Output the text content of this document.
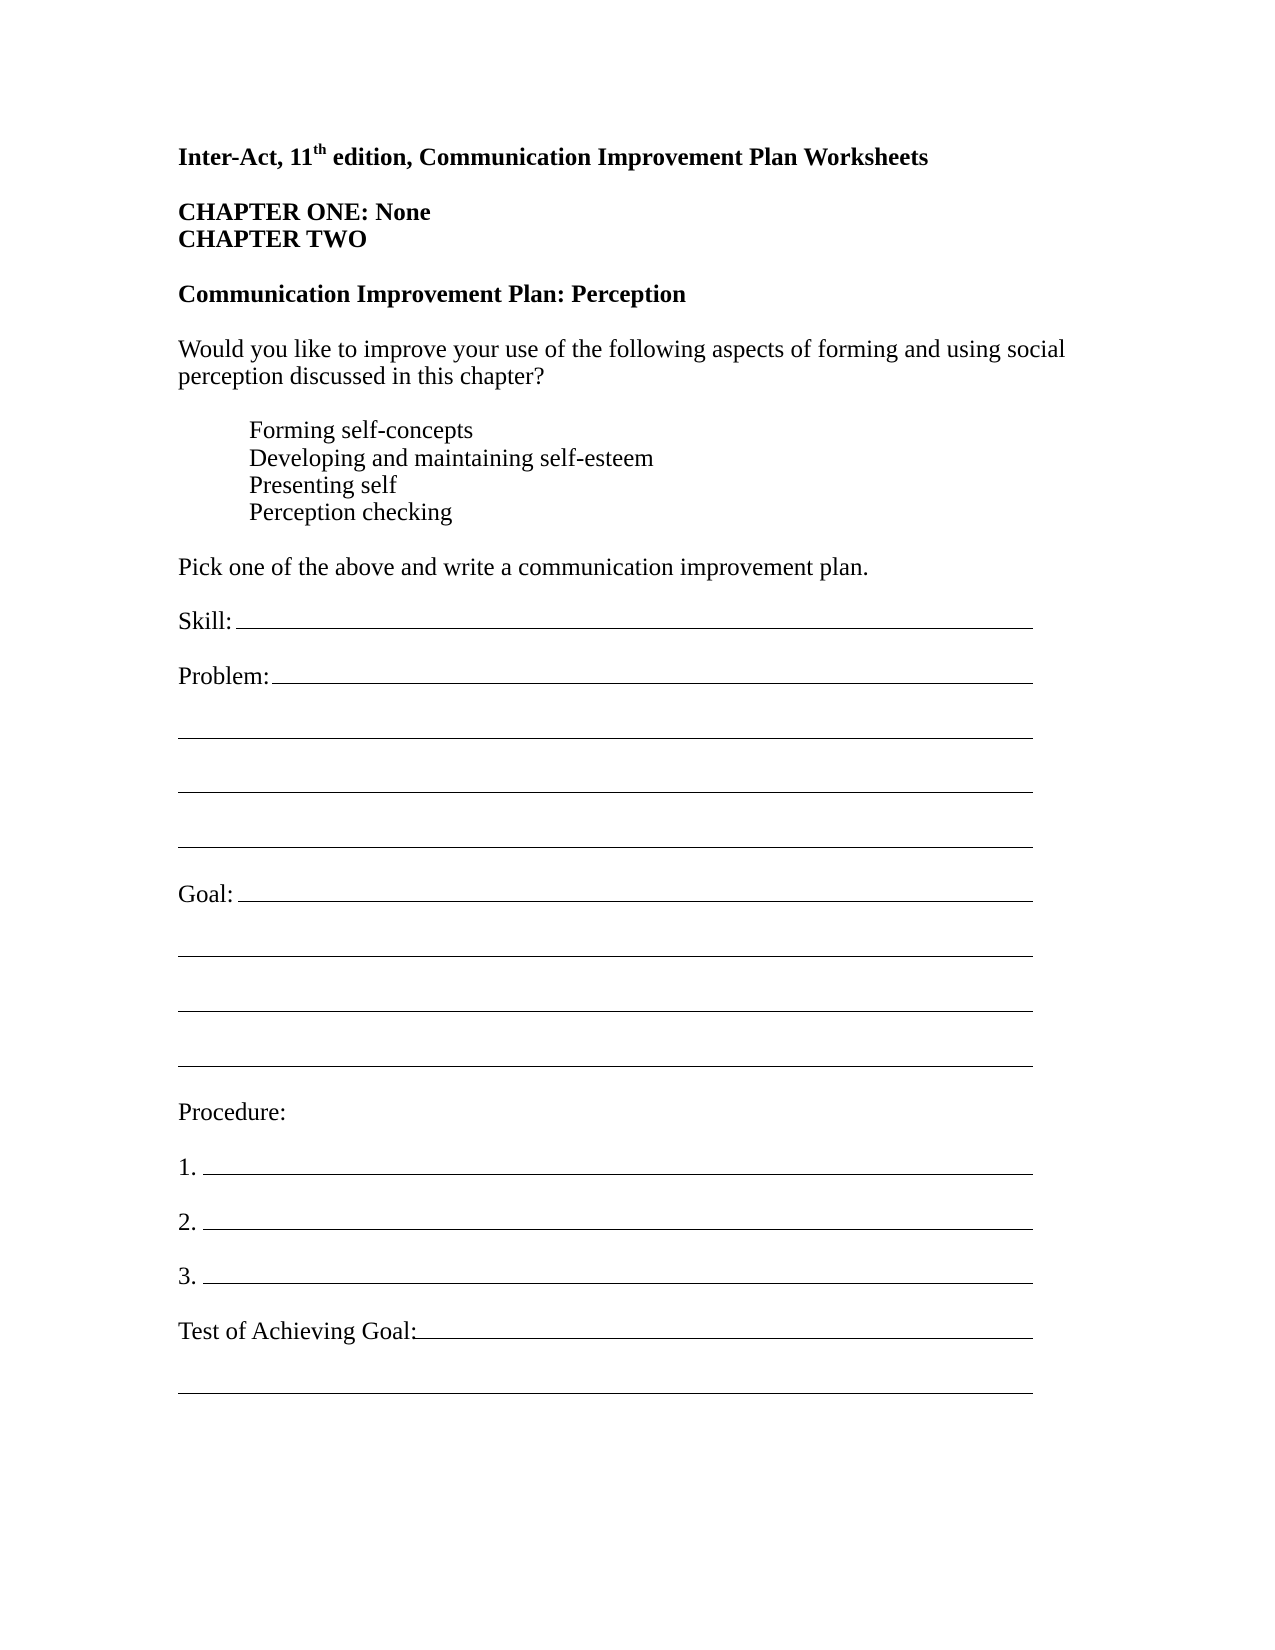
Inter-Act, 11th edition, Communication Improvement Plan Worksheets
CHAPTER ONE: None
CHAPTER TWO
Communication Improvement Plan: Perception
Would you like to improve your use of the following aspects of forming and using social
perception discussed in this chapter?
Forming self-concepts
Developing and maintaining self-esteem
Presenting self
Perception checking
Pick one of the above and write a communication improvement plan.
Skill:
Problem:
Goal:
Procedure:
1.
2.
3.
Test of Achieving Goal:
